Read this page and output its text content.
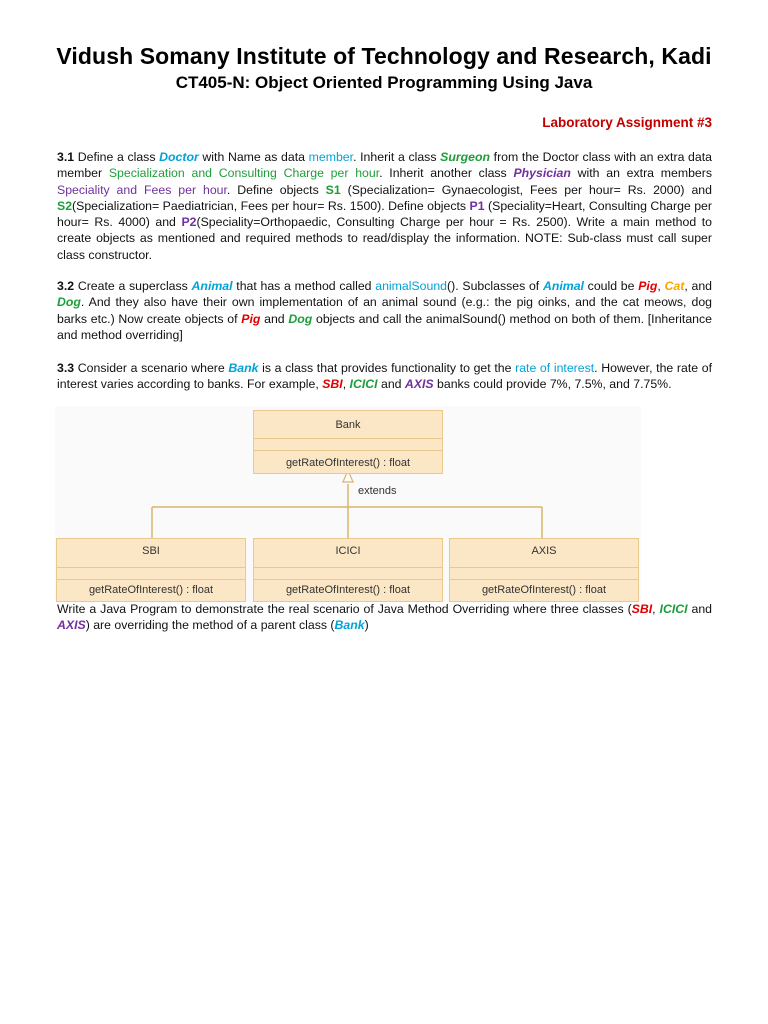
Vidush Somany Institute of Technology and Research, Kadi
CT405-N: Object Oriented Programming Using Java
Laboratory Assignment #3
3.1 Define a class Doctor with Name as data member. Inherit a class Surgeon from the Doctor class with an extra data member Specialization and Consulting Charge per hour. Inherit another class Physician with an extra members Speciality and Fees per hour. Define objects S1 (Specialization= Gynaecologist, Fees per hour= Rs. 2000) and S2(Specialization= Paediatrician, Fees per hour= Rs. 1500). Define objects P1 (Speciality=Heart, Consulting Charge per hour= Rs. 4000) and P2(Speciality=Orthopaedic, Consulting Charge per hour = Rs. 2500). Write a main method to create objects as mentioned and required methods to read/display the information. NOTE: Sub-class must call super class constructor.
3.2 Create a superclass Animal that has a method called animalSound(). Subclasses of Animal could be Pig, Cat, and Dog. And they also have their own implementation of an animal sound (e.g.: the pig oinks, and the cat meows, dog barks etc.) Now create objects of Pig and Dog objects and call the animalSound() method on both of them. [Inheritance and method overriding]
3.3 Consider a scenario where Bank is a class that provides functionality to get the rate of interest. However, the rate of interest varies according to banks. For example, SBI, ICICI and AXIS banks could provide 7%, 7.5%, and 7.75%.
extends
Bank
getRateOfInterest() : float
SBI
getRateOfInterest() : float
ICICI
getRateOfInterest() : float
AXIS
getRateOfInterest() : float
Write a Java Program to demonstrate the real scenario of Java Method Overriding where three classes (SBI, ICICI and AXIS) are overriding the method of a parent class (Bank)
